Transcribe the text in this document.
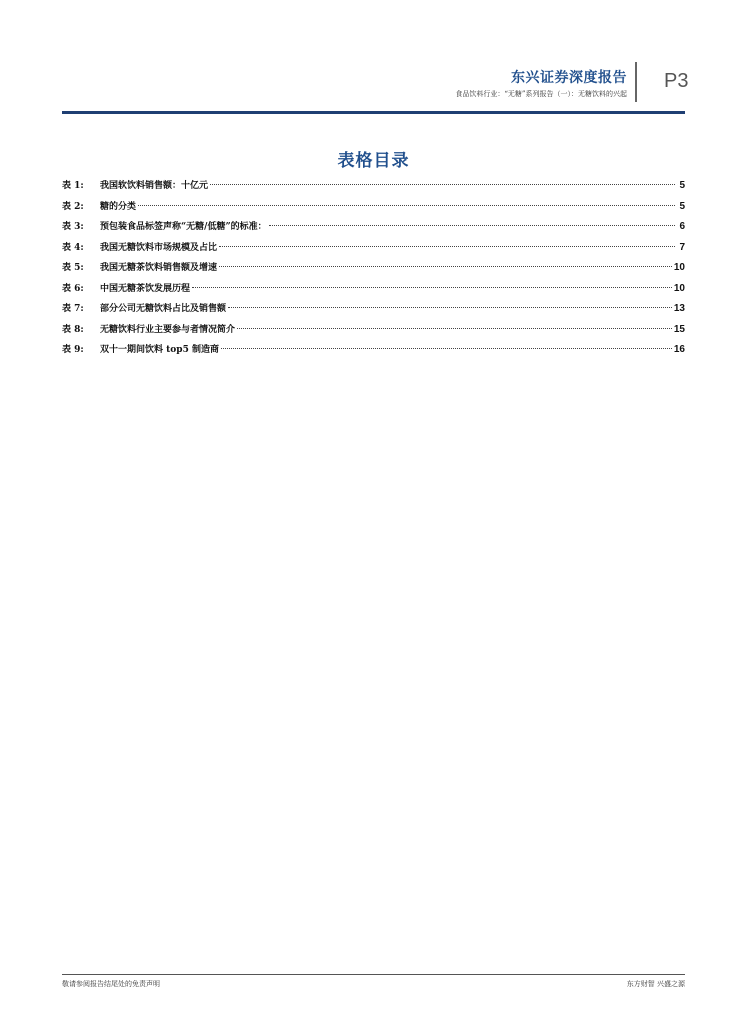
东兴证券深度报告
食品饮料行业：“无糖”系列报告（一）：无糖饮料的兴起
P3
表格目录
表 1:	我国软饮料销售额：十亿元	5
表 2:	糖的分类	5
表 3:	预包装食品标签声称“无糖/低糖”的标准：	6
表 4:	我国无糖饮料市场规模及占比	7
表 5:	我国无糖茶饮料销售额及增速	10
表 6:	中国无糖茶饮发展历程	10
表 7:	部分公司无糖饮料占比及销售额	13
表 8:	无糖饮料行业主要参与者情况简介	15
表 9:	双十一期间饮料 top5 制造商	16
敬请参阅报告结尾处的免责声明	东方财智 兴盛之源
